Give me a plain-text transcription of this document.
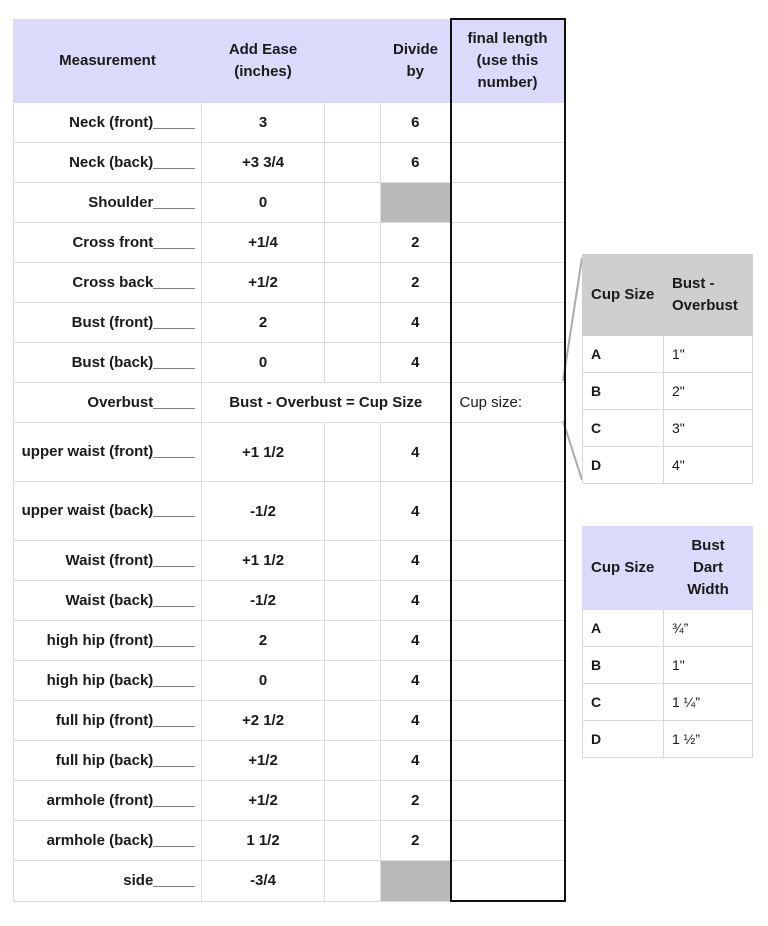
Measurement	Add Ease (inches)		Divide by	final length (use this number)
Neck (front)_____	3		6	
Neck (back)_____	+3 3/4		6	
Shoulder_____	0			
Cross front_____	+1/4		2	
Cross back_____	+1/2		2	
Bust (front)_____	2		4	
Bust (back)_____	0		4	
Overbust_____	Bust - Overbust = Cup Size			Cup size:
upper waist (front)_____	+1 1/2		4	
upper waist (back)_____	-1/2		4	
Waist (front)_____	+1 1/2		4	
Waist (back)_____	-1/2		4	
high hip (front)_____	2		4	
high hip (back)_____	0		4	
full hip (front)_____	+2 1/2		4	
full hip (back)_____	+1/2		4	
armhole (front)_____	+1/2		2	
armhole (back)_____	1 1/2		2	
side_____	-3/4			
Cup Size	Bust - Overbust
A	1"
B	2"
C	3"
D	4"
Cup Size	Bust Dart Width
A	¾”
B	1"
C	1 ¼”
D	1 ½”
